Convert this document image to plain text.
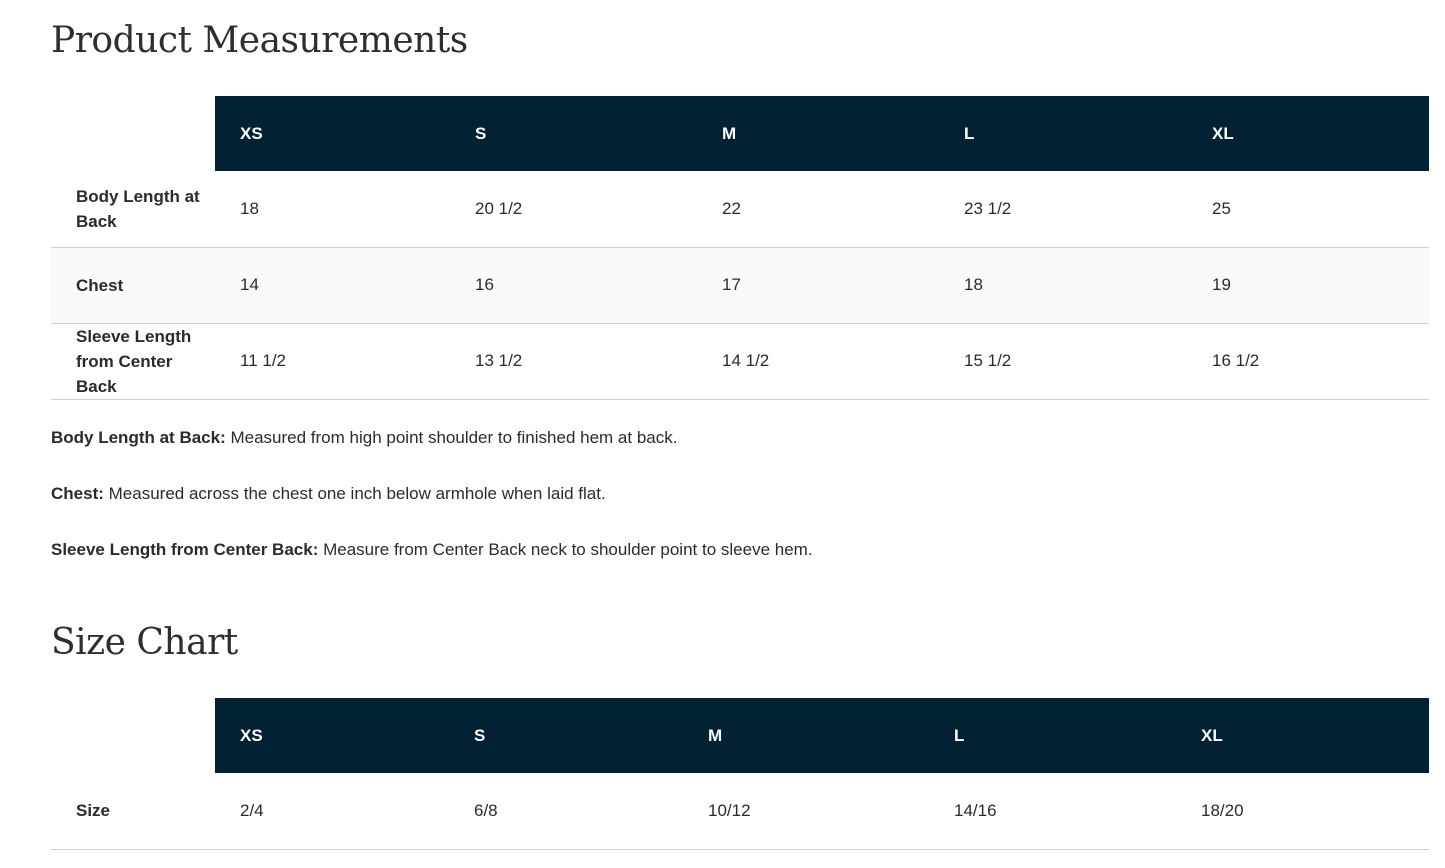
Product Measurements
	XS	S	M	L	XL
Body Length at Back	18	20 1/2	22	23 1/2	25
Chest	14	16	17	18	19
Sleeve Length from Center Back	11 1/2	13 1/2	14 1/2	15 1/2	16 1/2

Body Length at Back: Measured from high point shoulder to finished hem at back.

Chest: Measured across the chest one inch below armhole when laid flat.

Sleeve Length from Center Back: Measure from Center Back neck to shoulder point to sleeve hem.

Size Chart
	XS	S	M	L	XL
Size	2/4	6/8	10/12	14/16	18/20
